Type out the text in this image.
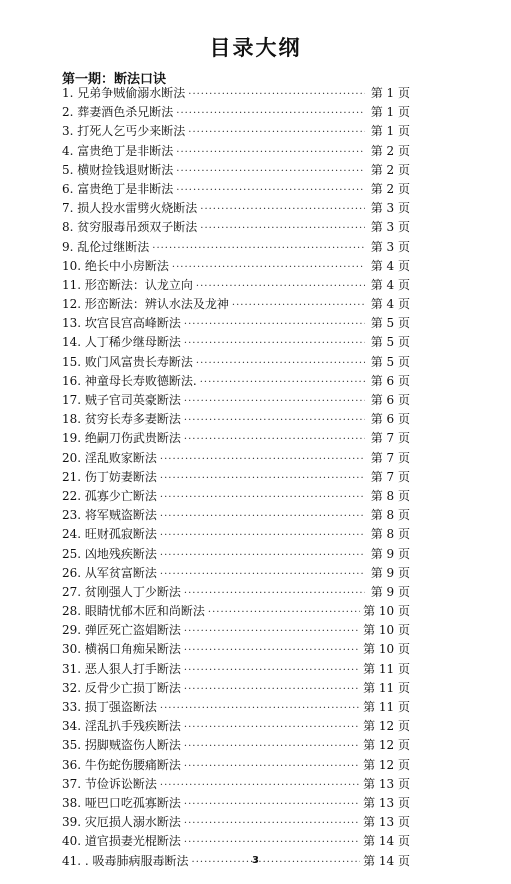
目录大纲
第一期：断法口诀
1. 兄弟争贼偷溺水断法 ·····	第 1 页
2. 葬妻酒色杀兄断法 ·····	第 1 页
3. 打死人乞丐少来断法 ·····	第 1 页
4. 富贵绝丁是非断法 ·····	第 2 页
5. 横财捡钱退财断法 ·····	第 2 页
6. 富贵绝丁是非断法 ·····	第 2 页
7. 损人投水雷劈火烧断法 ·····	第 3 页
8. 贫穷服毒吊颈双子断法 ·····	第 3 页
9. 乱伦过继断法 ·····	第 3 页
10. 绝长中小房断法 ·····	第 4 页
11. 形峦断法：认龙立向 ·····	第 4 页
12. 形峦断法：辨认水法及龙神 ·····	第 4 页
13. 坎宫艮宫高峰断法 ·····	第 5 页
14. 人丁稀少继母断法 ·····	第 5 页
15. 败门风富贵长寿断法 ·····	第 5 页
16. 神童母长寿败德断法. ·····	第 6 页
17. 贼子官司英豪断法 ·····	第 6 页
18. 贫穷长寿多妻断法 ·····	第 6 页
19. 绝嗣刀伤武贵断法 ·····	第 7 页
20. 淫乱败家断法 ·····	第 7 页
21. 伤丁妨妻断法 ·····	第 7 页
22. 孤寡少亡断法 ·····	第 8 页
23. 将军贼盗断法 ·····	第 8 页
24. 旺财孤寂断法 ·····	第 8 页
25. 凶地残疾断法 ·····	第 9 页
26. 从军贫富断法 ·····	第 9 页
27. 贫刚强人丁少断法 ·····	第 9 页
28. 眼睛忧郁木匠和尚断法 ·····	第 10 页
29. 弹匠死亡盗娼断法 ·····	第 10 页
30. 横祸口角痴呆断法 ·····	第 10 页
31. 恶人狠人打手断法 ·····	第 11 页
32. 反骨少亡损丁断法 ·····	第 11 页
33. 损丁强盗断法 ·····	第 11 页
34. 淫乱扒手残疾断法 ·····	第 12 页
35. 拐脚贼盗伤人断法 ·····	第 12 页
36. 牛伤蛇伤腰痛断法 ·····	第 12 页
37. 节俭诉讼断法 ·····	第 13 页
38. 哑巴口吃孤寡断法 ·····	第 13 页
39. 灾厄损人溺水断法 ·····	第 13 页
40. 道官损妻光棍断法 ·····	第 14 页
41. . 吸毒肺病服毒断法 ·····	第 14 页
3
